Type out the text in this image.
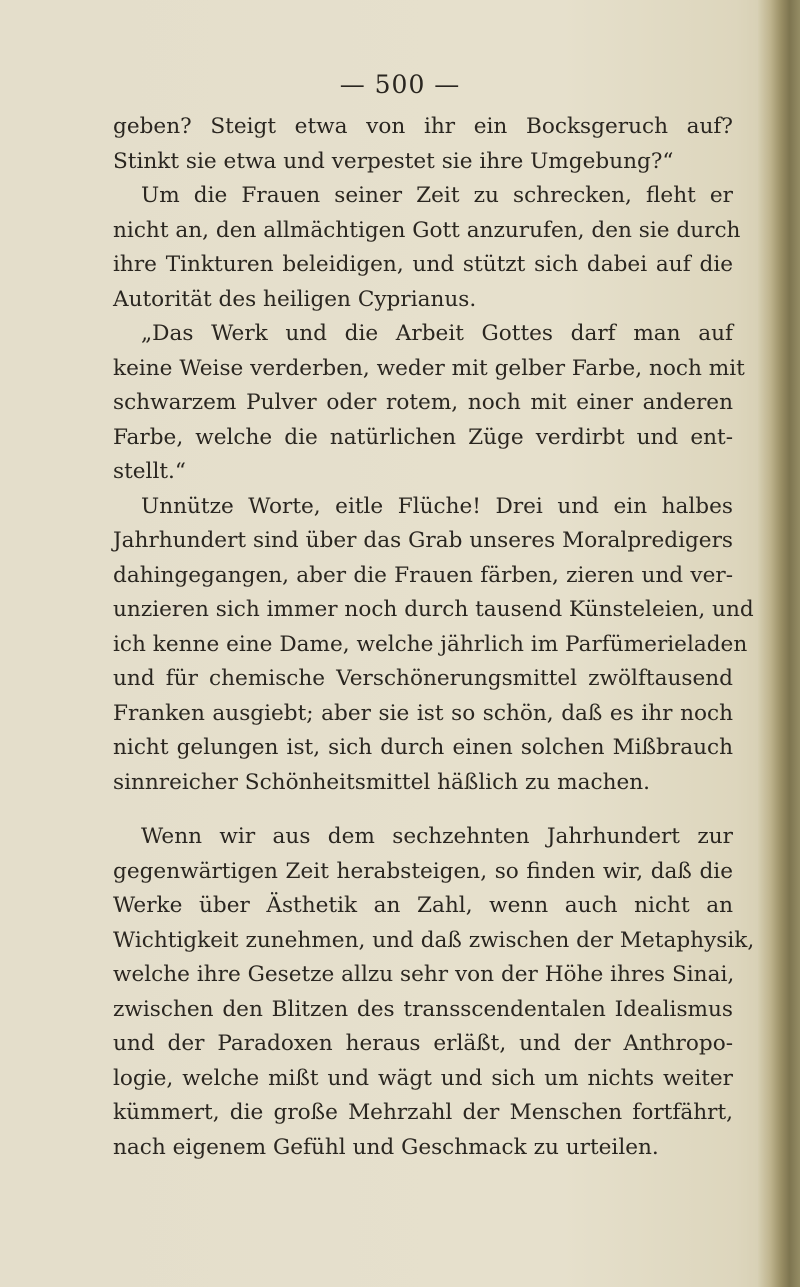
— 500 —

geben? Steigt etwa von ihr ein Bocksgeruch auf?
Stinkt sie etwa und verpestet sie ihre Umgebung?“

Um die Frauen seiner Zeit zu schrecken, fleht er
nicht an, den allmächtigen Gott anzurufen, den sie durch
ihre Tinkturen beleidigen, und stützt sich dabei auf die
Autorität des heiligen Cyprianus.

„Das Werk und die Arbeit Gottes darf man auf
keine Weise verderben, weder mit gelber Farbe, noch mit
schwarzem Pulver oder rotem, noch mit einer anderen
Farbe, welche die natürlichen Züge verdirbt und ent-
stellt.“

Unnütze Worte, eitle Flüche! Drei und ein halbes
Jahrhundert sind über das Grab unseres Moralpredigers
dahingegangen, aber die Frauen färben, zieren und ver-
unzieren sich immer noch durch tausend Künsteleien, und
ich kenne eine Dame, welche jährlich im Parfümerieladen
und für chemische Verschönerungsmittel zwölftausend
Franken ausgiebt; aber sie ist so schön, daß es ihr noch
nicht gelungen ist, sich durch einen solchen Mißbrauch
sinnreicher Schönheitsmittel häßlich zu machen.

Wenn wir aus dem sechzehnten Jahrhundert zur
gegenwärtigen Zeit herabsteigen, so finden wir, daß die
Werke über Ästhetik an Zahl, wenn auch nicht an
Wichtigkeit zunehmen, und daß zwischen der Metaphysik,
welche ihre Gesetze allzu sehr von der Höhe ihres Sinai,
zwischen den Blitzen des transscendentalen Idealismus
und der Paradoxen heraus erläßt, und der Anthropo-
logie, welche mißt und wägt und sich um nichts weiter
kümmert, die große Mehrzahl der Menschen fortfährt,
nach eigenem Gefühl und Geschmack zu urteilen.
